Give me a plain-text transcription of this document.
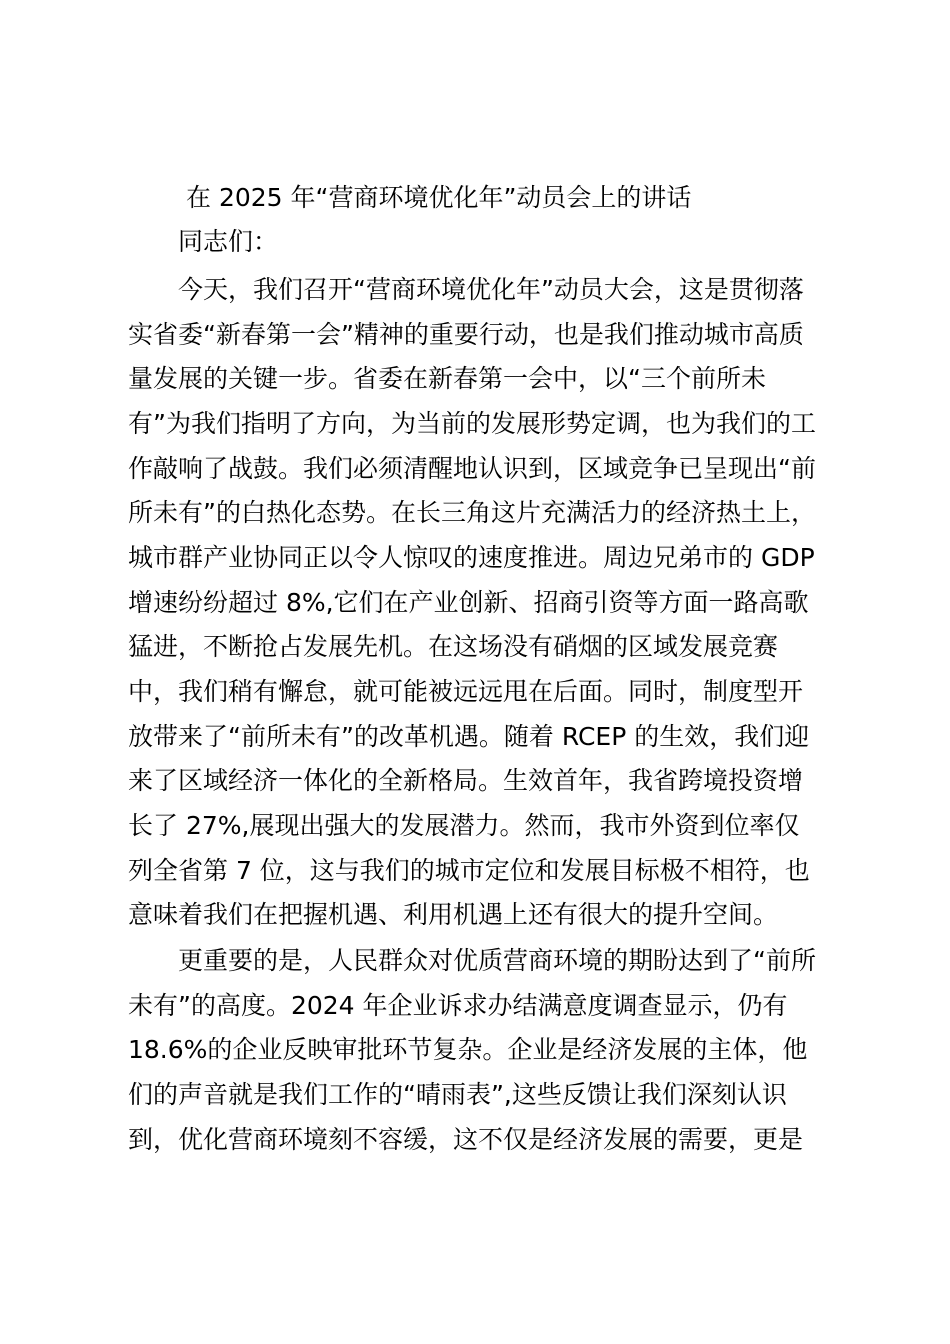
在 2025 年“营商环境优化年”动员会上的讲话
同志们：
今天，我们召开“营商环境优化年”动员大会，这是贯彻落
实省委“新春第一会”精神的重要行动，也是我们推动城市高质
量发展的关键一步。省委在新春第一会中，以“三个前所未
有”为我们指明了方向，为当前的发展形势定调，也为我们的工
作敲响了战鼓。我们必须清醒地认识到，区域竞争已呈现出“前
所未有”的白热化态势。在长三角这片充满活力的经济热土上，
城市群产业协同正以令人惊叹的速度推进。周边兄弟市的 GDP
增速纷纷超过 8%,它们在产业创新、招商引资等方面一路高歌
猛进，不断抢占发展先机。在这场没有硝烟的区域发展竞赛
中，我们稍有懈怠，就可能被远远甩在后面。同时，制度型开
放带来了“前所未有”的改革机遇。随着 RCEP 的生效，我们迎
来了区域经济一体化的全新格局。生效首年，我省跨境投资增
长了 27%,展现出强大的发展潜力。然而，我市外资到位率仅
列全省第 7 位，这与我们的城市定位和发展目标极不相符，也
意味着我们在把握机遇、利用机遇上还有很大的提升空间。
更重要的是，人民群众对优质营商环境的期盼达到了“前所
未有”的高度。2024 年企业诉求办结满意度调查显示，仍有
18.6%的企业反映审批环节复杂。企业是经济发展的主体，他
们的声音就是我们工作的“晴雨表”,这些反馈让我们深刻认识
到，优化营商环境刻不容缓，这不仅是经济发展的需要，更是
